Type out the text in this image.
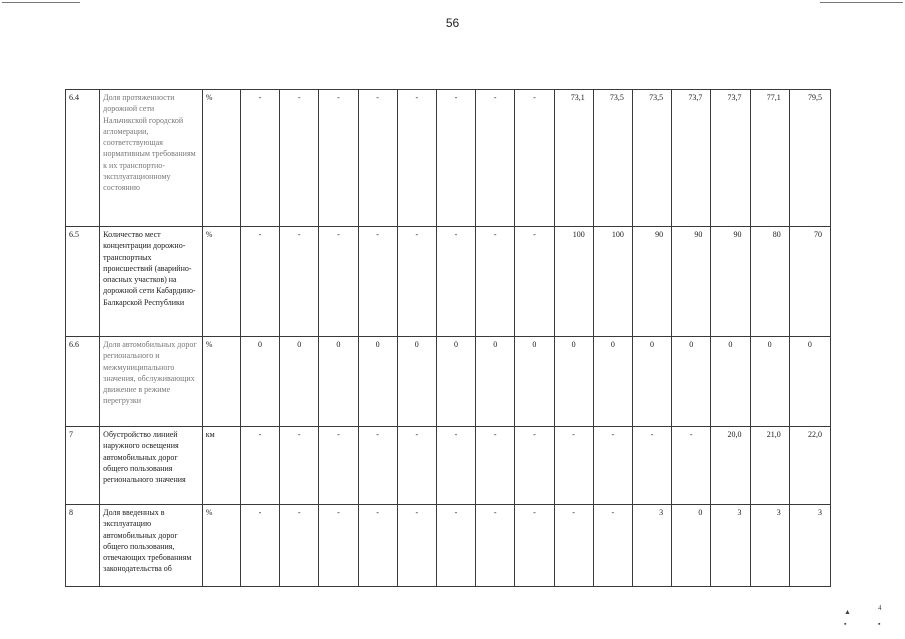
56
6.4	Доля протяженности дорожной сети Нальчикской городской агломерации, соответствующая нормативным требованиям к их транспортно-эксплуатационному состоянию	%	-	-	-	-	-	-	-	-	73,1	73,5	73,5	73,7	73,7	77,1	79,5
6.5	Количество мест концентрации дорожно-транспортных происшествий (аварийно-опасных участков) на дорожной сети Кабардино-Балкарской Республики	%	-	-	-	-	-	-	-	-	100	100	90	90	90	80	70
6.6	Доля автомобильных дорог регионального и межмуниципального значения, обслуживающих движение в режиме перегрузки	%	0	0	0	0	0	0	0	0	0	0	0	0	0	0	0
7	Обустройство линией наружного освещения автомобильных дорог общего пользования регионального значения	км	-	-	-	-	-	-	-	-	-	-	-	-	20,0	21,0	22,0
8	Доля введенных в эксплуатацию автомобильных дорог общего пользования, отвечающих требованиям законодательства об	%	-	-	-	-	-	-	-	-	-	-	3	0	3	3	3
▲	4
▪	▪
